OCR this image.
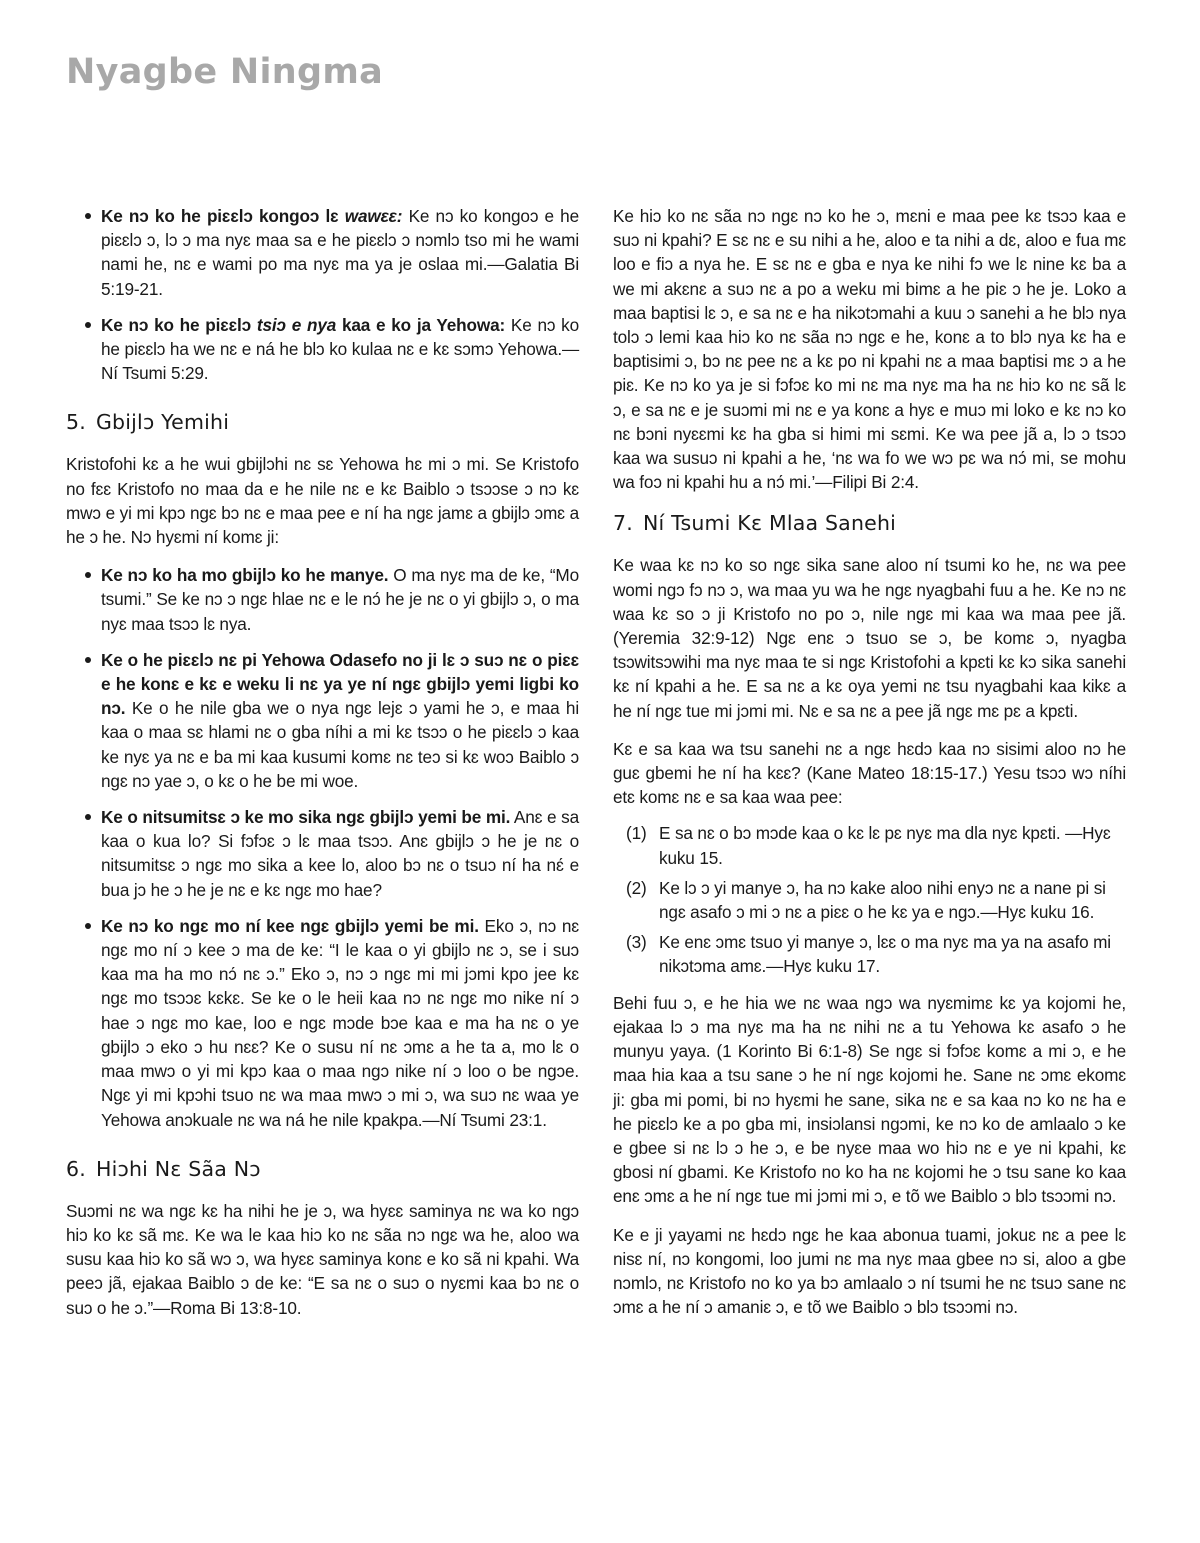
Nyagbe Ningma
Ke nɔ ko he piɛɛlɔ kongoɔ lɛ wawɛɛ: Ke nɔ ko kongoɔ e he piɛɛlɔ ɔ, lɔ ɔ ma nyɛ maa sa e he piɛɛlɔ ɔ nɔmlɔ tso mi he wami nami he, nɛ e wami po ma nyɛ ma ya je oslaa mi.—Galatia Bi 5:19-21.
Ke nɔ ko he piɛɛlɔ tsiɔ e nya kaa e ko ja Yehowa: Ke nɔ ko he piɛɛlɔ ha we nɛ e ná he blɔ ko kulaa nɛ e kɛ sɔmɔ Yehowa.—Ní Tsumi 5:29.
5. Gbijlɔ Yemihi

Kristofohi kɛ a he wui gbijlɔhi nɛ sɛ Yehowa hɛ mi ɔ mi. Se Kristofo no fɛɛ Kristofo no maa da e he nile nɛ e kɛ Baiblo ɔ tsɔɔse ɔ nɔ kɛ mwɔ e yi mi kpɔ ngɛ bɔ nɛ e maa pee e ní ha ngɛ jamɛ a gbijlɔ ɔmɛ a he ɔ he. Nɔ hyɛmi ní komɛ ji:

Ke nɔ ko ha mo gbijlɔ ko he manye. O ma nyɛ ma de ke, “Mo tsumi.” Se ke nɔ ɔ ngɛ hlae nɛ e le nɔ́ he je nɛ o yi gbijlɔ ɔ, o ma nyɛ maa tsɔɔ lɛ nya.
Ke o he piɛɛlɔ nɛ pi Yehowa Odasefo no ji lɛ ɔ suɔ nɛ o piɛɛ e he konɛ e kɛ e weku li nɛ ya ye ní ngɛ gbijlɔ yemi ligbi ko nɔ. Ke o he nile gba we o nya ngɛ lejɛ ɔ yami he ɔ, e maa hi kaa o maa sɛ hlami nɛ o gba níhi a mi kɛ tsɔɔ o he piɛɛlɔ ɔ kaa ke nyɛ ya nɛ e ba mi kaa kusumi komɛ nɛ teɔ si kɛ woɔ Baiblo ɔ ngɛ nɔ yae ɔ, o kɛ o he be mi woe.
Ke o nitsumitsɛ ɔ ke mo sika ngɛ gbijlɔ yemi be mi. Anɛ e sa kaa o kua lo? Si fɔfɔɛ ɔ lɛ maa tsɔɔ. Anɛ gbijlɔ ɔ he je nɛ o nitsumitsɛ ɔ ngɛ mo sika a kee lo, aloo bɔ nɛ o tsuɔ ní ha nɛ́ e bua jɔ he ɔ he je nɛ e kɛ ngɛ mo hae?
Ke nɔ ko ngɛ mo ní kee ngɛ gbijlɔ yemi be mi. Eko ɔ, nɔ nɛ ngɛ mo ní ɔ kee ɔ ma de ke: “I le kaa o yi gbijlɔ nɛ ɔ, se i suɔ kaa ma ha mo nɔ́ nɛ ɔ.” Eko ɔ, nɔ ɔ ngɛ mi mi jɔmi kpo jee kɛ ngɛ mo tsɔɔɛ kɛkɛ. Se ke o le heii kaa nɔ nɛ ngɛ mo nike ní ɔ hae ɔ ngɛ mo kae, loo e ngɛ mɔde bɔe kaa e ma ha nɛ o ye gbijlɔ ɔ eko ɔ hu nɛɛ? Ke o susu ní nɛ ɔmɛ a he ta a, mo lɛ o maa mwɔ o yi mi kpɔ kaa o maa ngɔ nike ní ɔ loo o be ngɔe. Ngɛ yi mi kpɔhi tsuo nɛ wa maa mwɔ ɔ mi ɔ, wa suɔ nɛ waa ye Yehowa anɔkuale nɛ wa ná he nile kpakpa.—Ní Tsumi 23:1.
6. Hiɔhi Nɛ Sãa Nɔ

Suɔmi nɛ wa ngɛ kɛ ha nihi he je ɔ, wa hyɛɛ saminya nɛ wa ko ngɔ hiɔ ko kɛ sã mɛ. Ke wa le kaa hiɔ ko nɛ sãa nɔ ngɛ wa he, aloo wa susu kaa hiɔ ko sã wɔ ɔ, wa hyɛɛ saminya konɛ e ko sã ni kpahi. Wa peeɔ jã, ejakaa Baiblo ɔ de ke: “E sa nɛ o suɔ o nyɛmi kaa bɔ nɛ o suɔ o he ɔ.”—Roma Bi 13:8-10.

Ke hiɔ ko nɛ sãa nɔ ngɛ nɔ ko he ɔ, mɛni e maa pee kɛ tsɔɔ kaa e suɔ ni kpahi? E sɛ nɛ e su nihi a he, aloo e ta nihi a dɛ, aloo e fua mɛ loo e fiɔ a nya he. E sɛ nɛ e gba e nya ke nihi fɔ we lɛ nine kɛ ba a we mi akɛnɛ a suɔ nɛ a po a weku mi bimɛ a he piɛ ɔ he je. Loko a maa baptisi lɛ ɔ, e sa nɛ e ha nikɔtɔmahi a kuu ɔ sanehi a he blɔ nya tolɔ ɔ lemi kaa hiɔ ko nɛ sãa nɔ ngɛ e he, konɛ a to blɔ nya kɛ ha e baptisimi ɔ, bɔ nɛ pee nɛ a kɛ po ni kpahi nɛ a maa baptisi mɛ ɔ a he piɛ. Ke nɔ ko ya je si fɔfɔɛ ko mi nɛ ma nyɛ ma ha nɛ hiɔ ko nɛ sã lɛ ɔ, e sa nɛ e je suɔmi mi nɛ e ya konɛ a hyɛ e muɔ mi loko e kɛ nɔ ko nɛ bɔni nyɛɛmi kɛ ha gba si himi mi sɛmi. Ke wa pee jã a, lɔ ɔ tsɔɔ kaa wa susuɔ ni kpahi a he, ‘nɛ wa fo we wɔ pɛ wa nɔ́ mi, se mohu wa foɔ ni kpahi hu a nɔ́ mi.’—Filipi Bi 2:4.

7. Ní Tsumi Kɛ Mlaa Sanehi

Ke waa kɛ nɔ ko so ngɛ sika sane aloo ní tsumi ko he, nɛ wa pee womi ngɔ fɔ nɔ ɔ, wa maa yu wa he ngɛ nyagbahi fuu a he. Ke nɔ nɛ waa kɛ so ɔ ji Kristofo no po ɔ, nile ngɛ mi kaa wa maa pee jã. (Yeremia 32:9-12) Ngɛ enɛ ɔ tsuo se ɔ, be komɛ ɔ, nyagba tsɔwitsɔwihi ma nyɛ maa te si ngɛ Kristofohi a kpɛti kɛ kɔ sika sanehi kɛ ní kpahi a he. E sa nɛ a kɛ oya yemi nɛ tsu nyagbahi kaa kikɛ a he ní ngɛ tue mi jɔmi mi. Nɛ e sa nɛ a pee jã ngɛ mɛ pɛ a kpɛti.

Kɛ e sa kaa wa tsu sanehi nɛ a ngɛ hɛdɔ kaa nɔ sisimi aloo nɔ he guɛ gbemi he ní ha kɛɛ? (Kane Mateo 18:15-17.) Yesu tsɔɔ wɔ níhi etɛ komɛ nɛ e sa kaa waa pee:

(1) E sa nɛ o bɔ mɔde kaa o kɛ lɛ pɛ nyɛ ma dla nyɛ kpɛti. —Hyɛ kuku 15.
(2) Ke lɔ ɔ yi manye ɔ, ha nɔ kake aloo nihi enyɔ nɛ a nane pi si ngɛ asafo ɔ mi ɔ nɛ a piɛɛ o he kɛ ya e ngɔ.—Hyɛ kuku 16.
(3) Ke enɛ ɔmɛ tsuo yi manye ɔ, lɛɛ o ma nyɛ ma ya na asafo mi nikɔtɔma amɛ.—Hyɛ kuku 17.

Behi fuu ɔ, e he hia we nɛ waa ngɔ wa nyɛmimɛ kɛ ya kojomi he, ejakaa lɔ ɔ ma nyɛ ma ha nɛ nihi nɛ a tu Yehowa kɛ asafo ɔ he munyu yaya. (1 Korinto Bi 6:1-8) Se ngɛ si fɔfɔɛ komɛ a mi ɔ, e he maa hia kaa a tsu sane ɔ he ní ngɛ kojomi he. Sane nɛ ɔmɛ ekomɛ ji: gba mi pomi, bi nɔ hyɛmi he sane, sika nɛ e sa kaa nɔ ko nɛ ha e he piɛɛlɔ ke a po gba mi, insiɔlansi ngɔmi, ke nɔ ko de amlaalo ɔ ke e gbee si nɛ lɔ ɔ he ɔ, e be nyɛe maa wo hiɔ nɛ e ye ni kpahi, kɛ gbosi ní gbami. Ke Kristofo no ko ha nɛ kojomi he ɔ tsu sane ko kaa enɛ ɔmɛ a he ní ngɛ tue mi jɔmi mi ɔ, e tõ we Baiblo ɔ blɔ tsɔɔmi nɔ.

Ke e ji yayami nɛ hɛdɔ ngɛ he kaa abonua tuami, jokuɛ nɛ a pee lɛ nisɛ ní, nɔ kongomi, loo jumi nɛ ma nyɛ maa gbee nɔ si, aloo a gbe nɔmlɔ, nɛ Kristofo no ko ya bɔ amlaalo ɔ ní tsumi he nɛ tsuɔ sane nɛ ɔmɛ a he ní ɔ amaniɛ ɔ, e tõ we Baiblo ɔ blɔ tsɔɔmi nɔ.
